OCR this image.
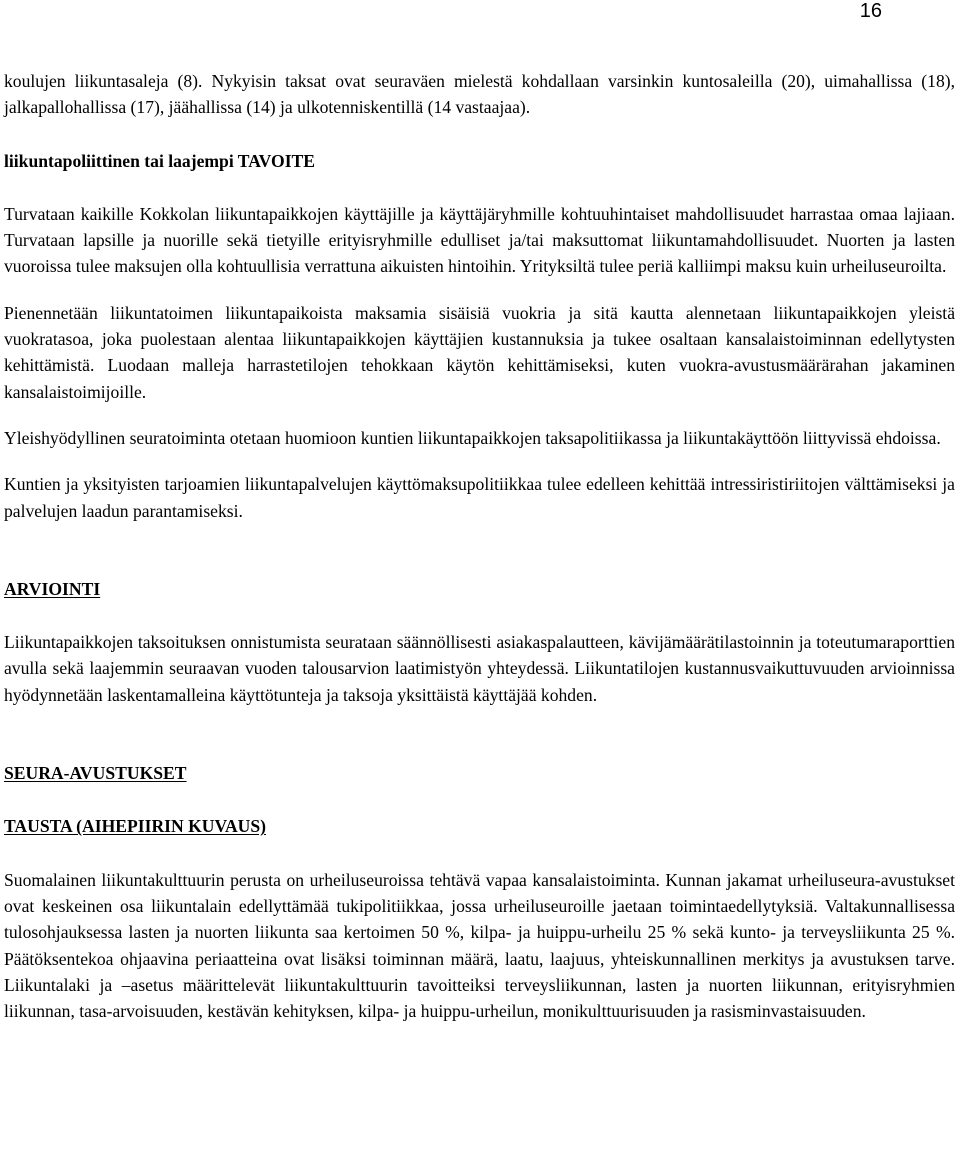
16

koulujen liikuntasaleja (8). Nykyisin taksat ovat seuraväen mielestä kohdallaan varsinkin kuntosaleilla (20), uimahallissa (18), jalkapallohallissa (17), jäähallissa (14) ja ulkotenniskentillä (14 vastaajaa).

liikuntapoliittinen tai laajempi TAVOITE

Turvataan kaikille Kokkolan liikuntapaikkojen käyttäjille ja käyttäjäryhmille kohtuuhintaiset mahdollisuudet harrastaa omaa lajiaan. Turvataan lapsille ja nuorille sekä tietyille erityisryhmille edulliset ja/tai maksuttomat liikuntamahdollisuudet. Nuorten ja lasten vuoroissa tulee maksujen olla kohtuullisia verrattuna aikuisten hintoihin. Yrityksiltä tulee periä kalliimpi maksu kuin urheiluseuroilta.

Pienennetään liikuntatoimen liikuntapaikoista maksamia sisäisiä vuokria ja sitä kautta alennetaan liikuntapaikkojen yleistä vuokratasoa, joka puolestaan alentaa liikuntapaikkojen käyttäjien kustannuksia ja tukee osaltaan kansalaistoiminnan edellytysten kehittämistä. Luodaan malleja harrastetilojen tehokkaan käytön kehittämiseksi, kuten vuokra-avustusmäärärahan jakaminen kansalaistoimijoille.

Yleishyödyllinen seuratoiminta otetaan huomioon kuntien liikuntapaikkojen taksapolitiikassa ja liikuntakäyttöön liittyvissä ehdoissa.

Kuntien ja yksityisten tarjoamien liikuntapalvelujen käyttömaksupolitiikkaa tulee edelleen kehittää intressiristiriitojen välttämiseksi ja palvelujen laadun parantamiseksi.

ARVIOINTI

Liikuntapaikkojen taksoituksen onnistumista seurataan säännöllisesti asiakaspalautteen, kävijämäärätilastoinnin ja toteutumaraporttien avulla sekä laajemmin seuraavan vuoden talousarvion laatimistyön yhteydessä. Liikuntatilojen kustannusvaikuttuvuuden arvioinnissa hyödynnetään laskentamalleina käyttötunteja ja taksoja yksittäistä käyttäjää kohden.

SEURA-AVUSTUKSET

TAUSTA (AIHEPIIRIN KUVAUS)

Suomalainen liikuntakulttuurin perusta on urheiluseuroissa tehtävä vapaa kansalaistoiminta. Kunnan jakamat urheiluseura-avustukset ovat keskeinen osa liikuntalain edellyttämää tukipolitiikkaa, jossa urheiluseuroille jaetaan toimintaedellytyksiä. Valtakunnallisessa tulosohjauksessa lasten ja nuorten liikunta saa kertoimen 50 %, kilpa- ja huippu-urheilu 25 % sekä kunto- ja terveysliikunta 25 %. Päätöksentekoa ohjaavina periaatteina ovat lisäksi toiminnan määrä, laatu, laajuus, yhteiskunnallinen merkitys ja avustuksen tarve. Liikuntalaki ja –asetus määrittelevät liikuntakulttuurin tavoitteiksi terveysliikunnan, lasten ja nuorten liikunnan, erityisryhmien liikunnan, tasa-arvoisuuden, kestävän kehityksen, kilpa- ja huippu-urheilun, monikulttuurisuuden ja rasisminvastaisuuden.
